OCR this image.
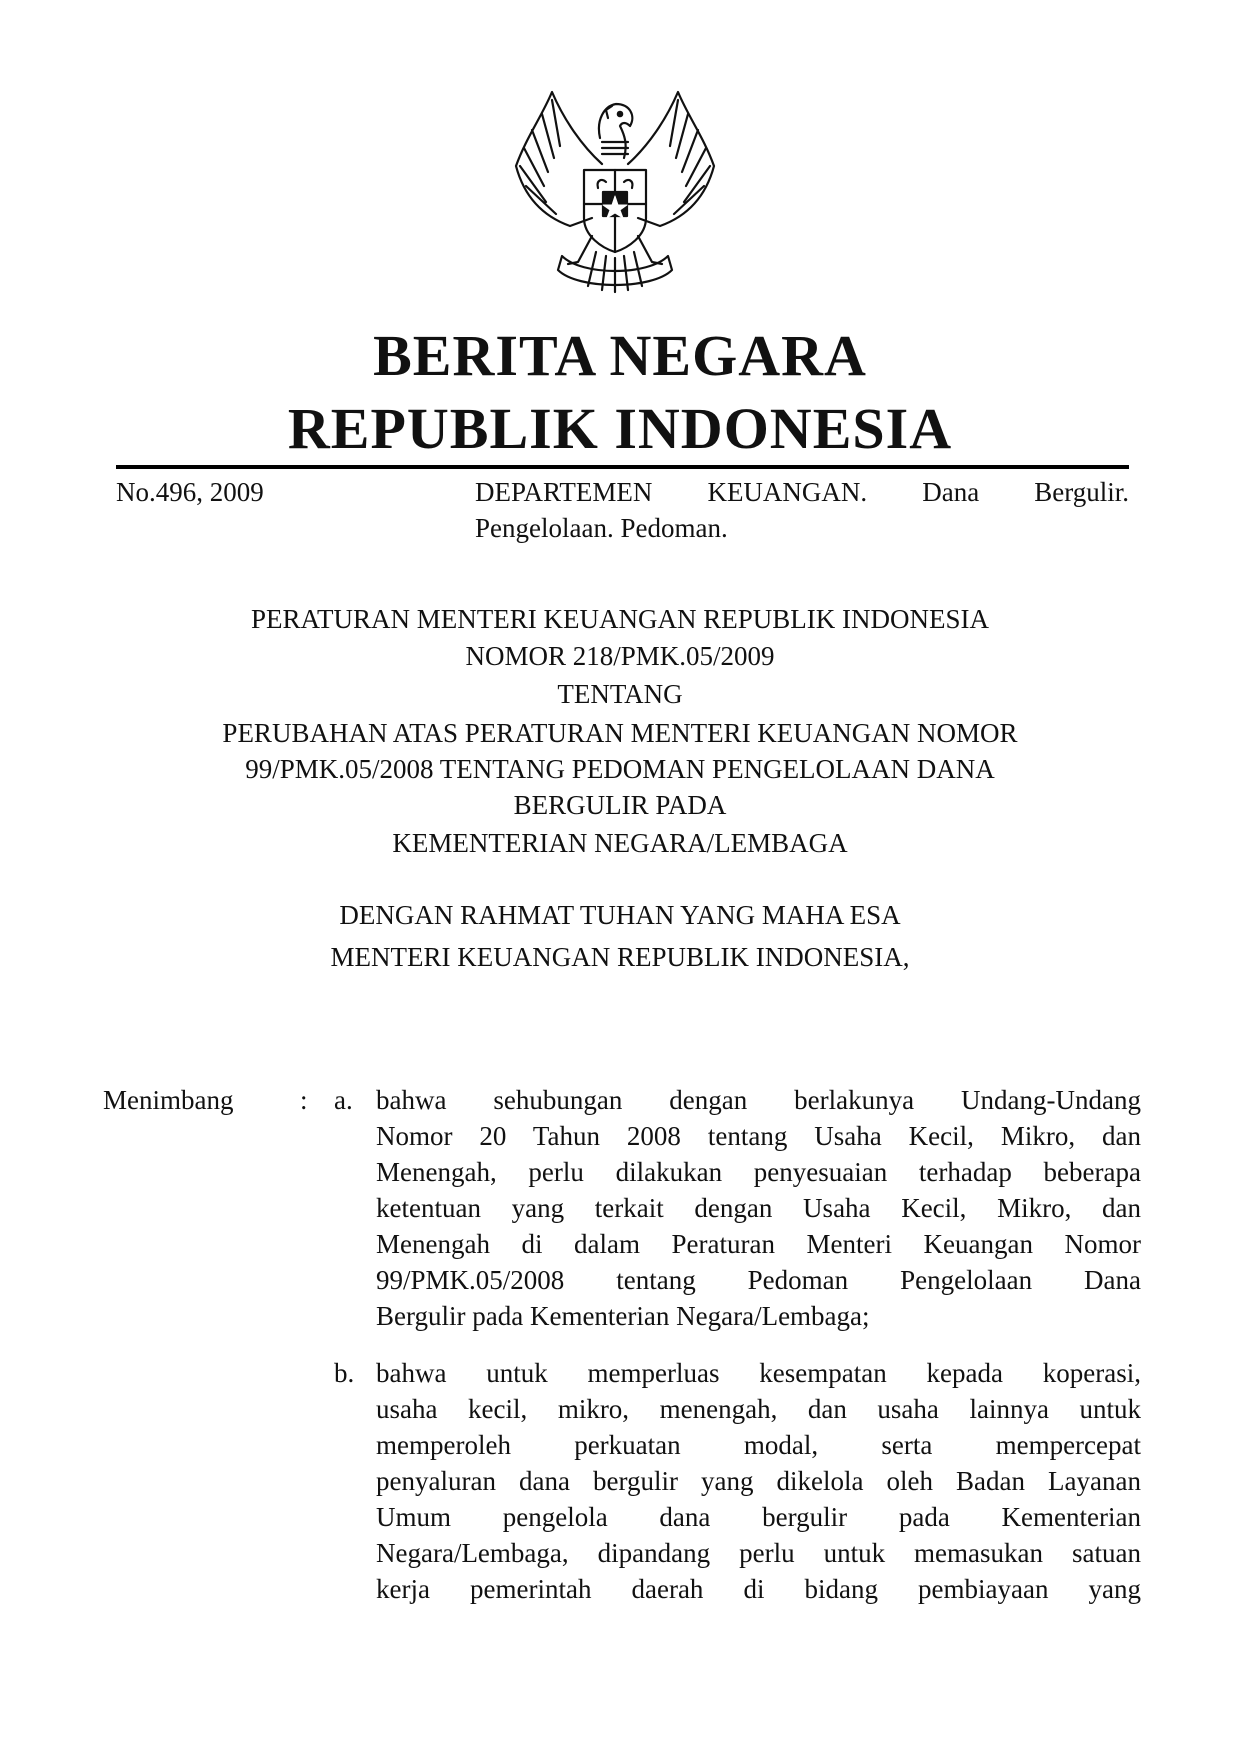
BERITA NEGARA
REPUBLIK INDONESIA
No.496, 2009	DEPARTEMEN KEUANGAN. Dana Bergulir.
Pengelolaan. Pedoman.
PERATURAN MENTERI KEUANGAN REPUBLIK INDONESIA
NOMOR 218/PMK.05/2009
TENTANG
PERUBAHAN ATAS PERATURAN MENTERI KEUANGAN NOMOR
99/PMK.05/2008 TENTANG PEDOMAN PENGELOLAAN DANA
BERGULIR PADA
KEMENTERIAN NEGARA/LEMBAGA
DENGAN RAHMAT TUHAN YANG MAHA ESA
MENTERI KEUANGAN REPUBLIK INDONESIA,
Menimbang : a. bahwa sehubungan dengan berlakunya Undang-Undang
Nomor 20 Tahun 2008 tentang Usaha Kecil, Mikro, dan
Menengah, perlu dilakukan penyesuaian terhadap beberapa
ketentuan yang terkait dengan Usaha Kecil, Mikro, dan
Menengah di dalam Peraturan Menteri Keuangan Nomor
99/PMK.05/2008 tentang Pedoman Pengelolaan Dana
Bergulir pada Kementerian Negara/Lembaga;
b. bahwa untuk memperluas kesempatan kepada koperasi,
usaha kecil, mikro, menengah, dan usaha lainnya untuk
memperoleh perkuatan modal, serta mempercepat
penyaluran dana bergulir yang dikelola oleh Badan Layanan
Umum pengelola dana bergulir pada Kementerian
Negara/Lembaga, dipandang perlu untuk memasukan satuan
kerja pemerintah daerah di bidang pembiayaan yang
